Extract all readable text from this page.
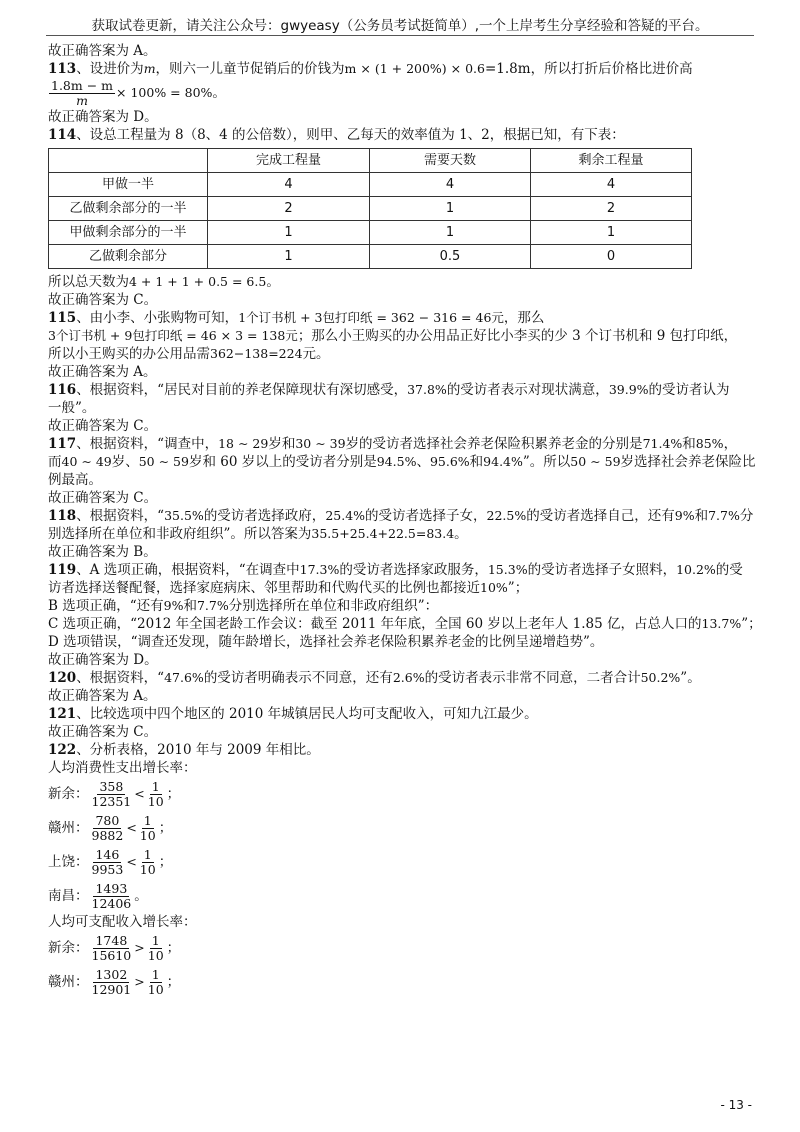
获取试卷更新，请关注公众号：gwyeasy（公务员考试挺简单）,一个上岸考生分享经验和答疑的平台。
故正确答案为 A。
113、设进价为m，则六一儿童节促销后的价钱为m × (1 + 200%) × 0.6=1.8m，所以打折后价格比进价高
$\frac{1.8m - m}{m} \times 100\% = 80\%$ 。
故正确答案为 D。
114、设总工程量为 8（8、4 的公倍数），则甲、乙每天的效率值为 1、2，根据已知，有下表：
	完成工程量	需要天数	剩余工程量
甲做一半	4	4	4
乙做剩余部分的一半	2	1	2
甲做剩余部分的一半	1	1	1
乙做剩余部分	1	0.5	0
所以总天数为4 + 1 + 1 + 0.5 = 6.5。
故正确答案为 C。
115、由小李、小张购物可知，1个订书机 + 3包打印纸 = 362 − 316 = 46元，那么
3个订书机 + 9包打印纸 = 46 × 3 = 138元；那么小王购买的办公用品正好比小李买的少 3 个订书机和 9 包打印纸，
所以小王购买的办公用品需362−138=224元。
故正确答案为 A。
116、根据资料，“居民对目前的养老保障现状有深切感受，37.8%的受访者表示对现状满意，39.9%的受访者认为
一般”。
故正确答案为 C。
117、根据资料，“调查中，18 ∼ 29岁和30 ∼ 39岁的受访者选择社会养老保险积累养老金的分别是71.4%和85%，
而40 ∼ 49岁、50 ∼ 59岁和 60 岁以上的受访者分别是94.5%、95.6%和94.4%”。所以50 ∼ 59岁选择社会养老保险比
例最高。
故正确答案为 C。
118、根据资料，“35.5%的受访者选择政府，25.4%的受访者选择子女，22.5%的受访者选择自己，还有9%和7.7%分
别选择所在单位和非政府组织”。所以答案为35.5+25.4+22.5=83.4。
故正确答案为 B。
119、A 选项正确，根据资料，“在调查中17.3%的受访者选择家政服务，15.3%的受访者选择子女照料，10.2%的受
访者选择送餐配餐，选择家庭病床、邻里帮助和代购代买的比例也都接近10%”；
B 选项正确，“还有9%和7.7%分别选择所在单位和非政府组织”：
C 选项正确，“2012 年全国老龄工作会议：截至 2011 年年底，全国 60 岁以上老年人 1.85 亿，占总人口的13.7%”；
D 选项错误，“调查还发现，随年龄增长，选择社会养老保险积累养老金的比例呈递增趋势”。
故正确答案为 D。
120、根据资料，“47.6%的受访者明确表示不同意，还有2.6%的受访者表示非常不同意，二者合计50.2%”。
故正确答案为 A。
121、比较选项中四个地区的 2010 年城镇居民人均可支配收入，可知九江最少。
故正确答案为 C。
122、分析表格，2010 年与 2009 年相比。
人均消费性支出增长率：
新余： $\frac{358}{12351} < \frac{1}{10}$ ；
赣州： $\frac{780}{9882} < \frac{1}{10}$ ；
上饶： $\frac{146}{9953} < \frac{1}{10}$ ；
南昌： $\frac{1493}{12406}$ 。
人均可支配收入增长率：
新余： $\frac{1748}{15610} > \frac{1}{10}$ ；
赣州： $\frac{1302}{12901} > \frac{1}{10}$ ；
- 13 -
